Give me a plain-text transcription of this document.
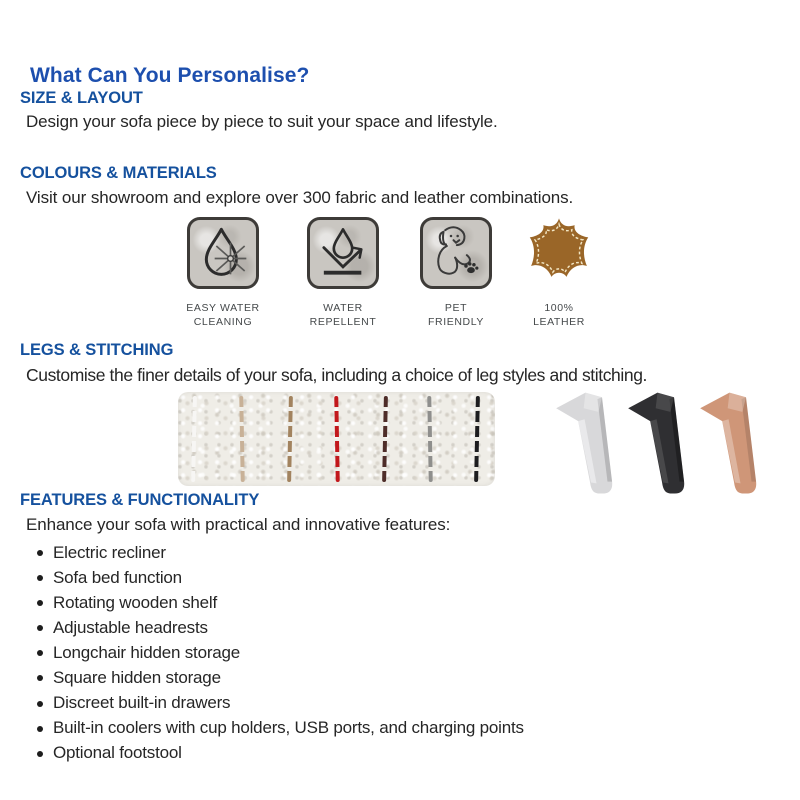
What Can You Personalise?
SIZE & LAYOUT
Design your sofa piece by piece to suit your space and lifestyle.
COLOURS & MATERIALS
Visit our showroom and explore over 300 fabric and leather combinations.
EASY WATER
CLEANING
WATER
REPELLENT
PET
FRIENDLY
100%
LEATHER
LEGS & STITCHING
Customise the finer details of your sofa, including a choice of leg styles and stitching.
FEATURES & FUNCTIONALITY
Enhance your sofa with practical and innovative features:
Electric recliner
Sofa bed function
Rotating wooden shelf
Adjustable headrests
Longchair hidden storage
Square hidden storage
Discreet built-in drawers
Built-in coolers with cup holders, USB ports, and charging points
Optional footstool
